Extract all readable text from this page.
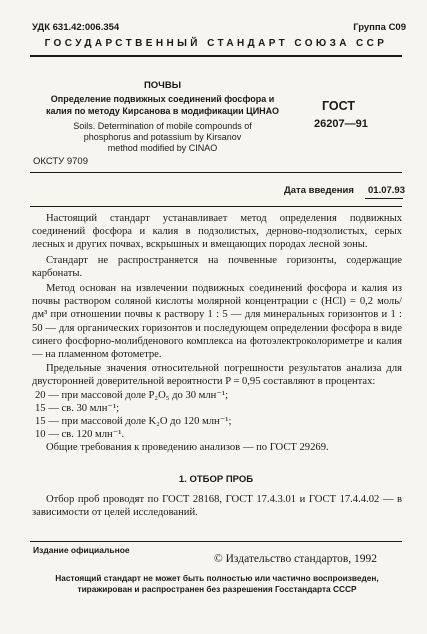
УДК 631.42:006.354	Группа С09
ГОСУДАРСТВЕННЫЙ СТАНДАРТ СОЮЗА ССР
ПОЧВЫ
Определение подвижных соединений фосфора и
калия по методу Кирсанова в модификации ЦИНАО
Soils. Determination of mobile compounds of
phosphorus and potassium by Kirsanov
method modified by CINAO
ГОСТ
26207—91
ОКСТУ 9709
Дата введения 01.07.93

Настоящий стандарт устанавливает метод определения подвижных соединений фосфора и калия в подзолистых, дерново-подзолистых, серых лесных и других почвах, вскрышных и вмещающих породах лесной зоны.

Стандарт не распространяется на почвенные горизонты, содержащие карбонаты.

Метод основан на извлечении подвижных соединений фосфора и калия из почвы раствором соляной кислоты молярной концентрации с (HCl) = 0,2 моль/дм³ при отношении почвы к раствору 1 : 5 — для минеральных горизонтов и 1 : 50 — для органических горизонтов и последующем определении фосфора в виде синего фосфорно-молибденового комплекса на фотоэлектроколориметре и калия — на пламенном фотометре.

Предельные значения относительной погрешности результатов анализа для двусторонней доверительной вероятности P = 0,95 составляют в процентах:

20 — при массовой доле P₂O₅ до 30 млн⁻¹;
15 — св. 30 млн⁻¹;
15 — при массовой доле K₂O до 120 млн⁻¹;
10 — св. 120 млн⁻¹.

Общие требования к проведению анализов — по ГОСТ 29269.

1. ОТБОР ПРОБ

Отбор проб проводят по ГОСТ 28168, ГОСТ 17.4.3.01 и ГОСТ 17.4.4.02 — в зависимости от целей исследований.

Издание официальное
© Издательство стандартов, 1992
Настоящий стандарт не может быть полностью или частично воспроизведен,
тиражирован и распространен без разрешения Госстандарта СССР
